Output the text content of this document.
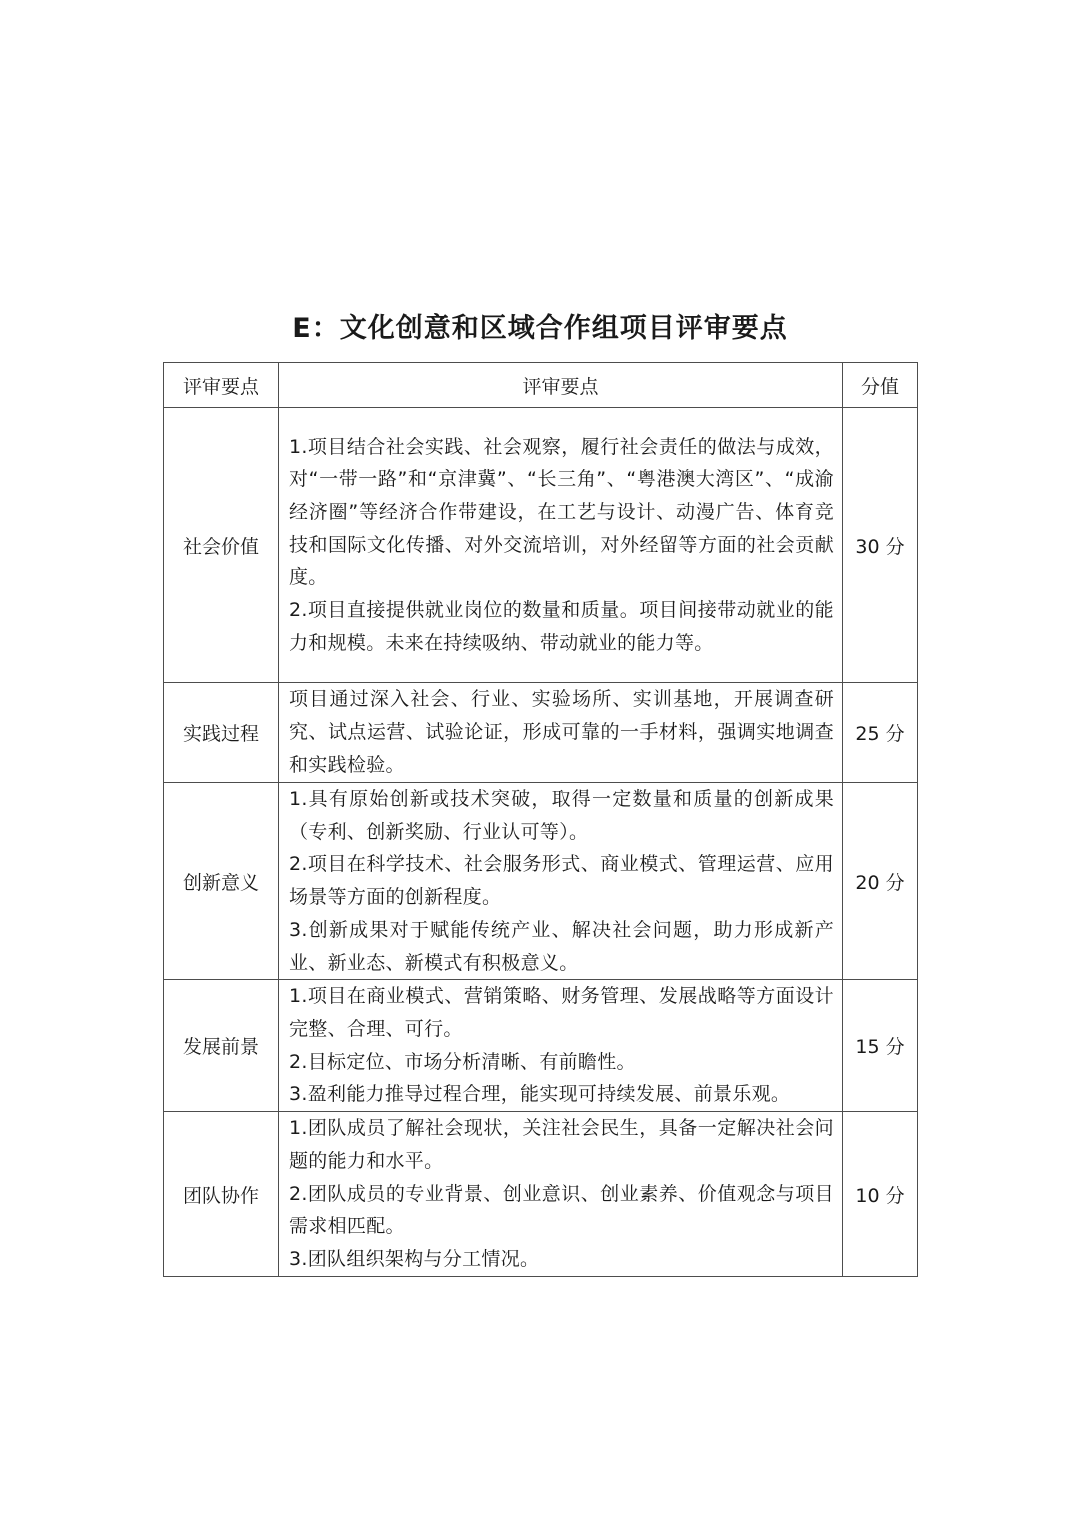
E：文化创意和区域合作组项目评审要点
评审要点	评审要点	分值
社会价值	1.项目结合社会实践、社会观察，履行社会责任的做法与成效，对“一带一路”和“京津冀”、“长三角”、“粤港澳大湾区”、“成渝经济圈”等经济合作带建设，在工艺与设计、动漫广告、体育竞技和国际文化传播、对外交流培训，对外经留等方面的社会贡献度。
2.项目直接提供就业岗位的数量和质量。项目间接带动就业的能力和规模。未来在持续吸纳、带动就业的能力等。	30 分
实践过程	项目通过深入社会、行业、实验场所、实训基地，开展调查研究、试点运营、试验论证，形成可靠的一手材料，强调实地调查和实践检验。	25 分
创新意义	1.具有原始创新或技术突破，取得一定数量和质量的创新成果（专利、创新奖励、行业认可等）。
2.项目在科学技术、社会服务形式、商业模式、管理运营、应用场景等方面的创新程度。
3.创新成果对于赋能传统产业、解决社会问题，助力形成新产业、新业态、新模式有积极意义。	20 分
发展前景	1.项目在商业模式、营销策略、财务管理、发展战略等方面设计完整、合理、可行。
2.目标定位、市场分析清晰、有前瞻性。
3.盈利能力推导过程合理，能实现可持续发展、前景乐观。	15 分
团队协作	1.团队成员了解社会现状，关注社会民生，具备一定解决社会问题的能力和水平。
2.团队成员的专业背景、创业意识、创业素养、价值观念与项目需求相匹配。
3.团队组织架构与分工情况。	10 分
